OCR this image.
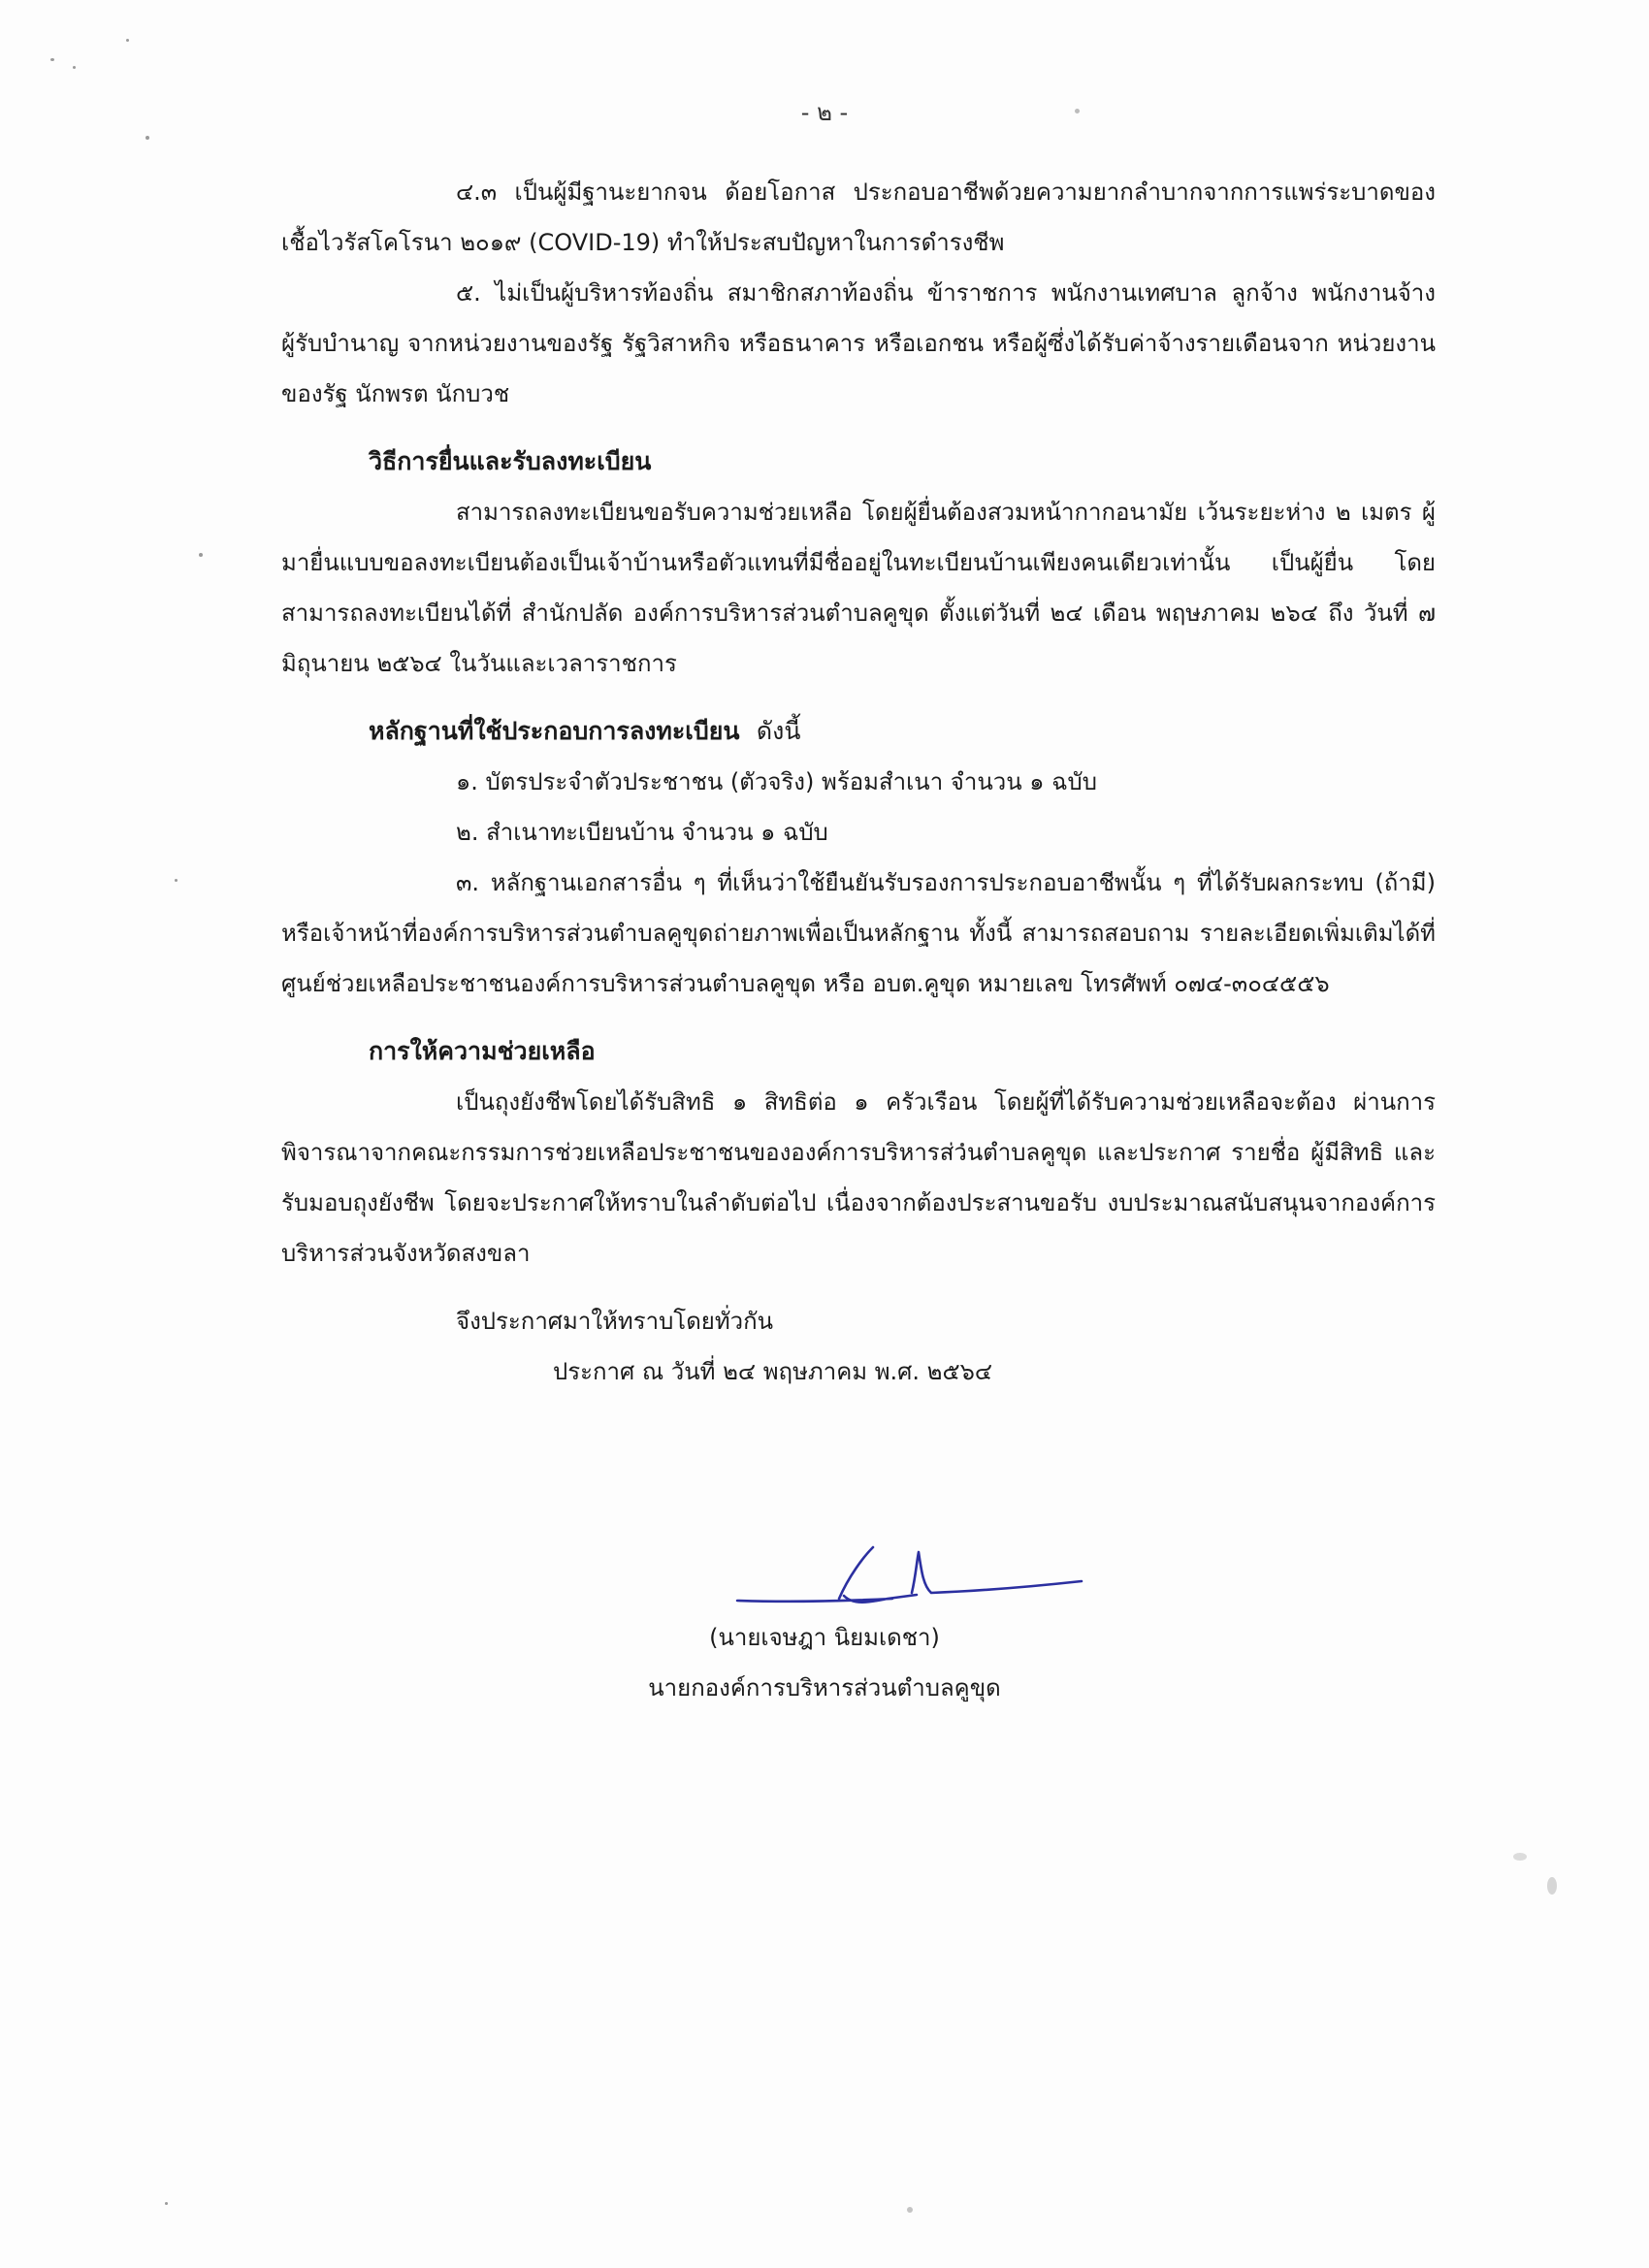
- ๒ -

๔.๓ เป็นผู้มีฐานะยากจน ด้อยโอกาส ประกอบอาชีพด้วยความยากลำบากจากการแพร่ระบาดของเชื้อไวรัสโคโรนา ๒๐๑๙ (COVID-19) ทำให้ประสบปัญหาในการดำรงชีพ

๕. ไม่เป็นผู้บริหารท้องถิ่น สมาชิกสภาท้องถิ่น ข้าราชการ พนักงานเทศบาล ลูกจ้าง พนักงานจ้าง ผู้รับบำนาญ จากหน่วยงานของรัฐ รัฐวิสาหกิจ หรือธนาคาร หรือเอกชน หรือผู้ซึ่งได้รับค่าจ้างรายเดือนจาก หน่วยงานของรัฐ นักพรต นักบวช

วิธีการยื่นและรับลงทะเบียน

สามารถลงทะเบียนขอรับความช่วยเหลือ โดยผู้ยื่นต้องสวมหน้ากากอนามัย เว้นระยะห่าง ๒ เมตร ผู้มายื่นแบบขอลงทะเบียนต้องเป็นเจ้าบ้านหรือตัวแทนที่มีชื่ออยู่ในทะเบียนบ้านเพียงคนเดียวเท่านั้น เป็นผู้ยื่น โดยสามารถลงทะเบียนได้ที่ สำนักปลัด องค์การบริหารส่วนตำบลคูขุด ตั้งแต่วันที่ ๒๔ เดือน พฤษภาคม ๒๖๔ ถึง วันที่ ๗ มิถุนายน ๒๕๖๔ ในวันและเวลาราชการ

หลักฐานที่ใช้ประกอบการลงทะเบียน ดังนี้

๑. บัตรประจำตัวประชาชน (ตัวจริง) พร้อมสำเนา จำนวน ๑ ฉบับ

๒. สำเนาทะเบียนบ้าน จำนวน ๑ ฉบับ

๓. หลักฐานเอกสารอื่น ๆ ที่เห็นว่าใช้ยืนยันรับรองการประกอบอาชีพนั้น ๆ ที่ได้รับผลกระทบ (ถ้ามี) หรือเจ้าหน้าที่องค์การบริหารส่วนตำบลคูขุดถ่ายภาพเพื่อเป็นหลักฐาน ทั้งนี้ สามารถสอบถาม รายละเอียดเพิ่มเติมได้ที่ ศูนย์ช่วยเหลือประชาชนองค์การบริหารส่วนตำบลคูขุด หรือ อบต.คูขุด หมายเลข โทรศัพท์ ๐๗๔-๓๐๔๕๕๖

การให้ความช่วยเหลือ

เป็นถุงยังชีพโดยได้รับสิทธิ ๑ สิทธิต่อ ๑ ครัวเรือน โดยผู้ที่ได้รับความช่วยเหลือจะต้อง ผ่านการพิจารณาจากคณะกรรมการช่วยเหลือประชาชนขององค์การบริหารส่วนตำบลคูขุด และประกาศ รายชื่อ ผู้มีสิทธิ และรับมอบถุงยังชีพ โดยจะประกาศให้ทราบในลำดับต่อไป เนื่องจากต้องประสานขอรับ งบประมาณสนับสนุนจากองค์การบริหารส่วนจังหวัดสงขลา

จึงประกาศมาให้ทราบโดยทั่วกัน

ประกาศ ณ วันที่ ๒๔ พฤษภาคม พ.ศ. ๒๕๖๔

(นายเจษฎา นิยมเดชา)
นายกองค์การบริหารส่วนตำบลคูขุด
